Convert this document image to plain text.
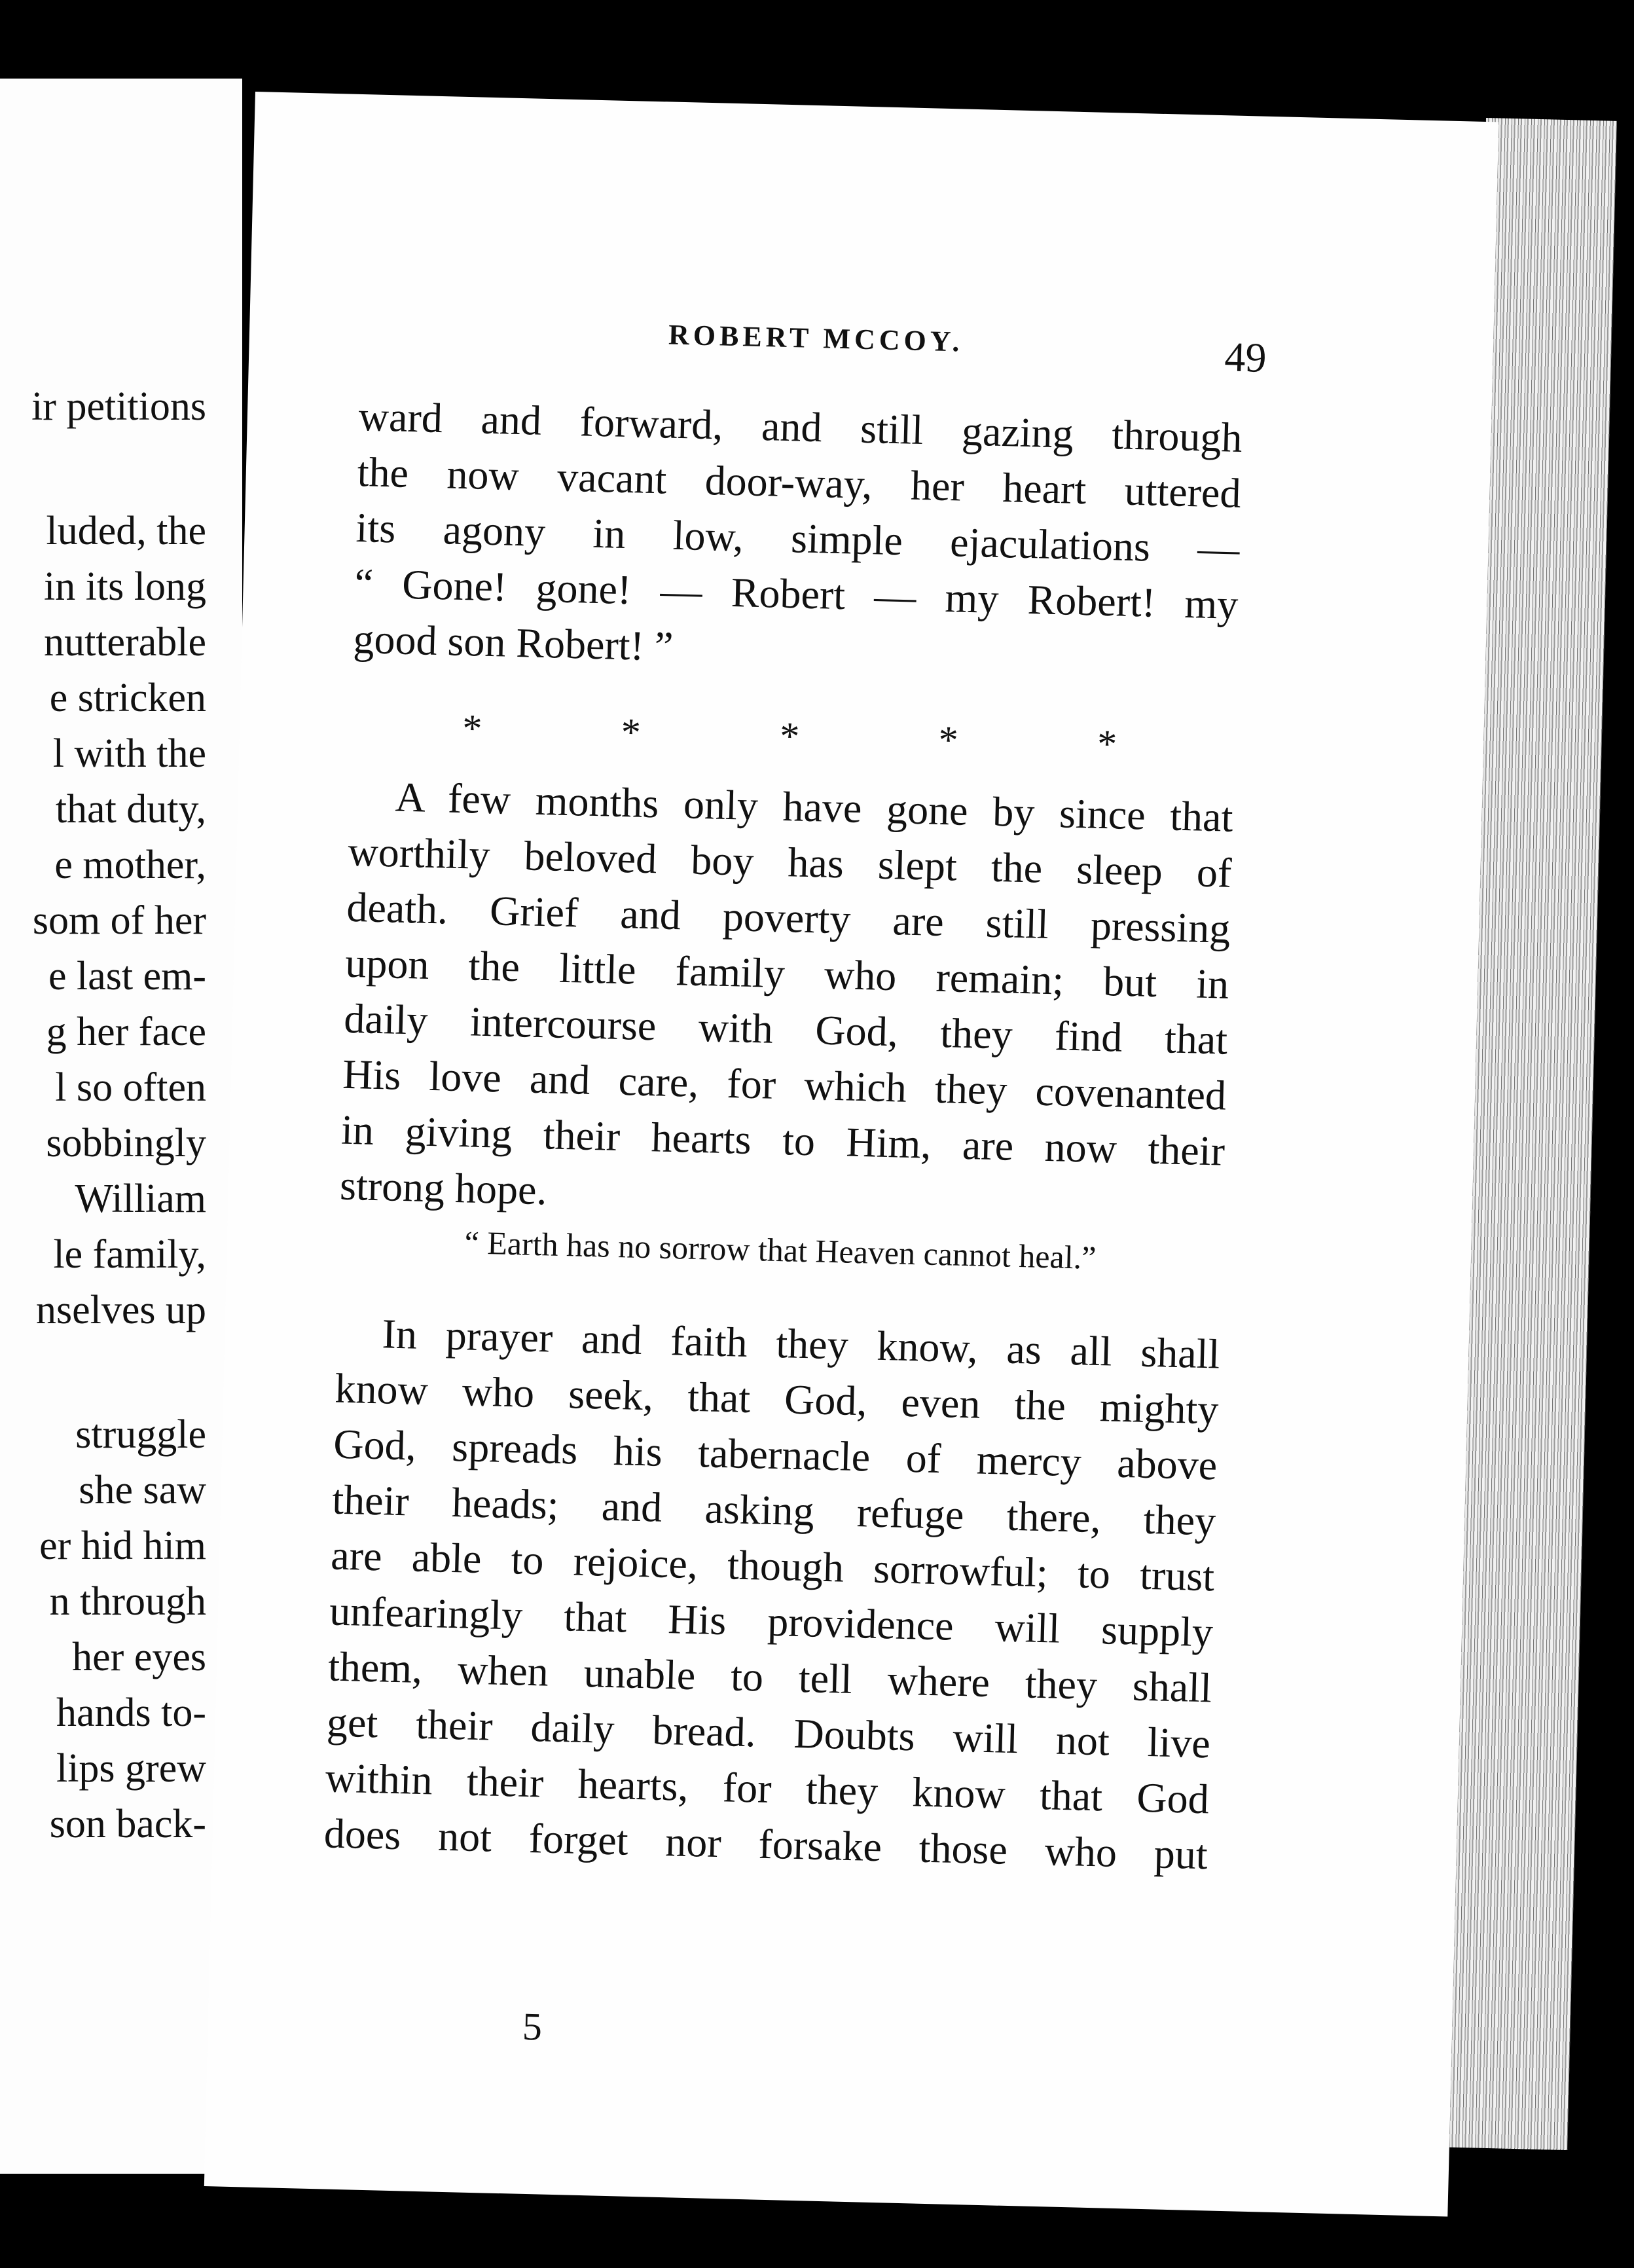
ir petitions
luded, the
in its long
nutterable
e stricken
l with the
that duty,
e mother,
som of her
e last em-
g her face
l so often
sobbingly
William
le family,
nselves up
struggle
she saw
er hid him
n through
her eyes
hands to-
lips grew
son back-
ROBERT MCCOY.	49
ward and forward, and still gazing through
the now vacant door-way, her heart uttered
its agony in low, simple ejaculations —
“ Gone! gone! — Robert — my Robert! my
good son Robert! ”
*	*	*	*	*
A few months only have gone by since that
worthily beloved boy has slept the sleep of
death. Grief and poverty are still pressing
upon the little family who remain; but in
daily intercourse with God, they find that
His love and care, for which they covenanted
in giving their hearts to Him, are now their
strong hope.
“ Earth has no sorrow that Heaven cannot heal.”
In prayer and faith they know, as all shall
know who seek, that God, even the mighty
God, spreads his tabernacle of mercy above
their heads; and asking refuge there, they
are able to rejoice, though sorrowful; to trust
unfearingly that His providence will supply
them, when unable to tell where they shall
get their daily bread. Doubts will not live
within their hearts, for they know that God
does not forget nor forsake those who put
5
